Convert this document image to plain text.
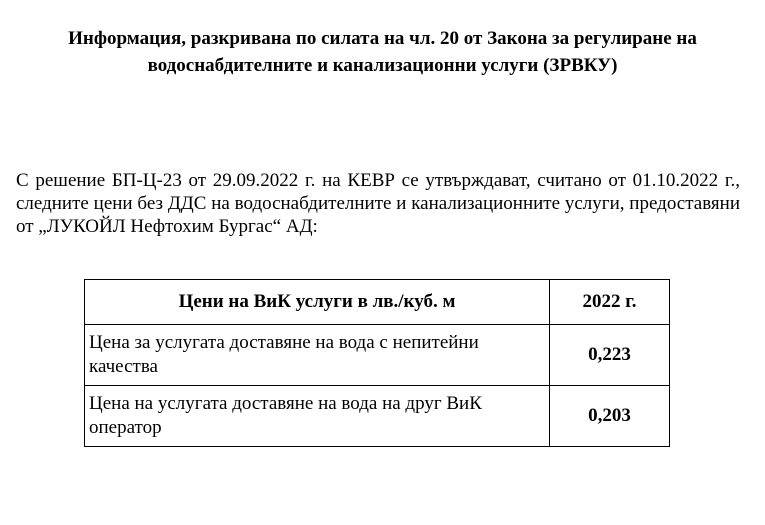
Информация, разкривана по силата на чл. 20 от Закона за регулиране на
водоснабдителните и канализационни услуги (ЗРВКУ)

С решение БП-Ц-23 от 29.09.2022 г. на КЕВР се утвърждават, считано от 01.10.2022 г., следните цени без ДДС на водоснабдителните и канализационните услуги, предоставяни от „ЛУКОЙЛ Нефтохим Бургас“ АД:

Цени на ВиК услуги в лв./куб. м	2022 г.
Цена за услугата доставяне на вода с непитейни качества	0,223
Цена на услугата доставяне на вода на друг ВиК оператор	0,203
